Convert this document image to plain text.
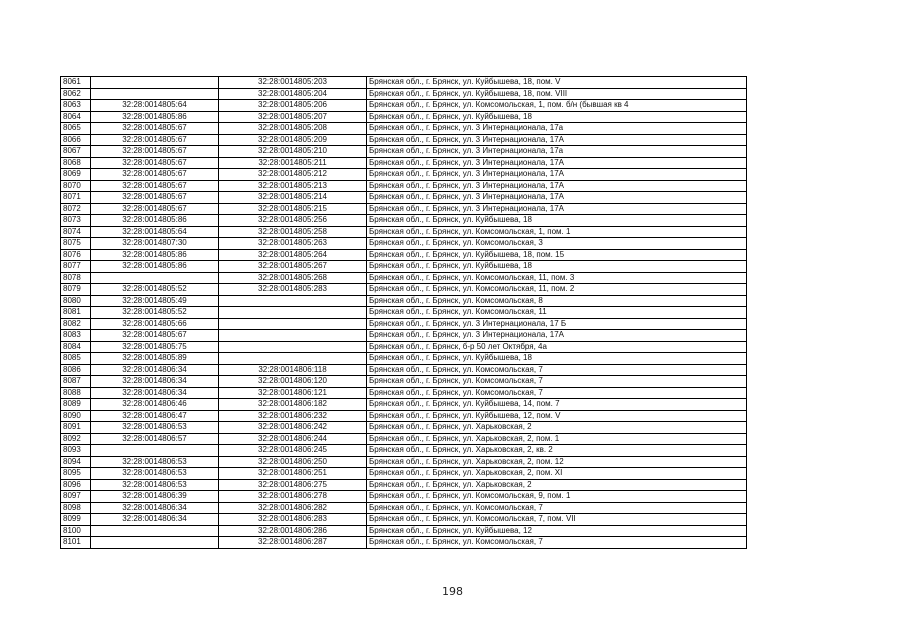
8061		32:28:0014805:203	Брянская обл., г. Брянск, ул. Куйбышева, 18, пом. V
8062		32:28:0014805:204	Брянская обл., г. Брянск, ул. Куйбышева, 18, пом. VIII
8063	32:28:0014805:64	32:28:0014805:206	Брянская обл., г. Брянск, ул. Комсомольская, 1, пом. б/н (бывшая кв 4
8064	32:28:0014805:86	32:28:0014805:207	Брянская обл., г. Брянск, ул. Куйбышева, 18
8065	32:28:0014805:67	32:28:0014805:208	Брянская обл., г. Брянск, ул. 3 Интернационала, 17а
8066	32:28:0014805:67	32:28:0014805:209	Брянская обл., г. Брянск, ул. 3 Интернационала, 17А
8067	32:28:0014805:67	32:28:0014805:210	Брянская обл., г. Брянск, ул. 3 Интернационала, 17а
8068	32:28:0014805:67	32:28:0014805:211	Брянская обл., г. Брянск, ул. 3 Интернационала, 17А
8069	32:28:0014805:67	32:28:0014805:212	Брянская обл., г. Брянск, ул. 3 Интернационала, 17А
8070	32:28:0014805:67	32:28:0014805:213	Брянская обл., г. Брянск, ул. 3 Интернационала, 17А
8071	32:28:0014805:67	32:28:0014805:214	Брянская обл., г. Брянск, ул. 3 Интернационала, 17А
8072	32:28:0014805:67	32:28:0014805:215	Брянская обл., г. Брянск, ул. 3 Интернационала, 17А
8073	32:28:0014805:86	32:28:0014805:256	Брянская обл., г. Брянск, ул. Куйбышева, 18
8074	32:28:0014805:64	32:28:0014805:258	Брянская обл., г. Брянск, ул. Комсомольская, 1, пом. 1
8075	32:28:0014807:30	32:28:0014805:263	Брянская обл., г. Брянск, ул. Комсомольская, 3
8076	32:28:0014805:86	32:28:0014805:264	Брянская обл., г. Брянск, ул. Куйбышева, 18, пом. 15
8077	32:28:0014805:86	32:28:0014805:267	Брянская обл., г. Брянск, ул. Куйбышева, 18
8078		32:28:0014805:268	Брянская обл., г. Брянск, ул. Комсомольская, 11, пом. 3
8079	32:28:0014805:52	32:28:0014805:283	Брянская обл., г. Брянск, ул. Комсомольская, 11, пом. 2
8080	32:28:0014805:49		Брянская обл., г. Брянск, ул. Комсомольская, 8
8081	32:28:0014805:52		Брянская обл., г. Брянск, ул. Комсомольская, 11
8082	32:28:0014805:66		Брянская обл., г. Брянск, ул. 3 Интернационала, 17 Б
8083	32:28:0014805:67		Брянская обл., г. Брянск, ул. 3 Интернационала, 17А
8084	32:28:0014805:75		Брянская обл., г. Брянск, б-р 50 лет Октября, 4а
8085	32:28:0014805:89		Брянская обл., г. Брянск, ул. Куйбышева, 18
8086	32:28:0014806:34	32:28:0014806:118	Брянская обл., г. Брянск, ул. Комсомольская, 7
8087	32:28:0014806:34	32:28:0014806:120	Брянская обл., г. Брянск, ул. Комсомольская, 7
8088	32:28:0014806:34	32:28:0014806:121	Брянская обл., г. Брянск, ул. Комсомольская, 7
8089	32:28:0014806:46	32:28:0014806:182	Брянская обл., г. Брянск, ул. Куйбышева, 14, пом. 7
8090	32:28:0014806:47	32:28:0014806:232	Брянская обл., г. Брянск, ул. Куйбышева, 12, пом. V
8091	32:28:0014806:53	32:28:0014806:242	Брянская обл., г. Брянск, ул. Харьковская, 2
8092	32:28:0014806:57	32:28:0014806:244	Брянская обл., г. Брянск, ул. Харьковская, 2, пом. 1
8093		32:28:0014806:245	Брянская обл., г. Брянск, ул. Харьковская, 2, кв. 2
8094	32:28:0014806:53	32:28:0014806:250	Брянская обл., г. Брянск, ул. Харьковская, 2, пом. 12
8095	32:28:0014806:53	32:28:0014806:251	Брянская обл., г. Брянск, ул. Харьковская, 2, пом. XI
8096	32:28:0014806:53	32:28:0014806:275	Брянская обл., г. Брянск, ул. Харьковская, 2
8097	32:28:0014806:39	32:28:0014806:278	Брянская обл., г. Брянск, ул. Комсомольская, 9, пом. 1
8098	32:28:0014806:34	32:28:0014806:282	Брянская обл., г. Брянск, ул. Комсомольская, 7
8099	32:28:0014806:34	32:28:0014806:283	Брянская обл., г. Брянск, ул. Комсомольская, 7, пом. VII
8100		32:28:0014806:286	Брянская обл., г. Брянск, ул. Куйбышева, 12
8101		32:28:0014806:287	Брянская обл., г. Брянск, ул. Комсомольская, 7
198
